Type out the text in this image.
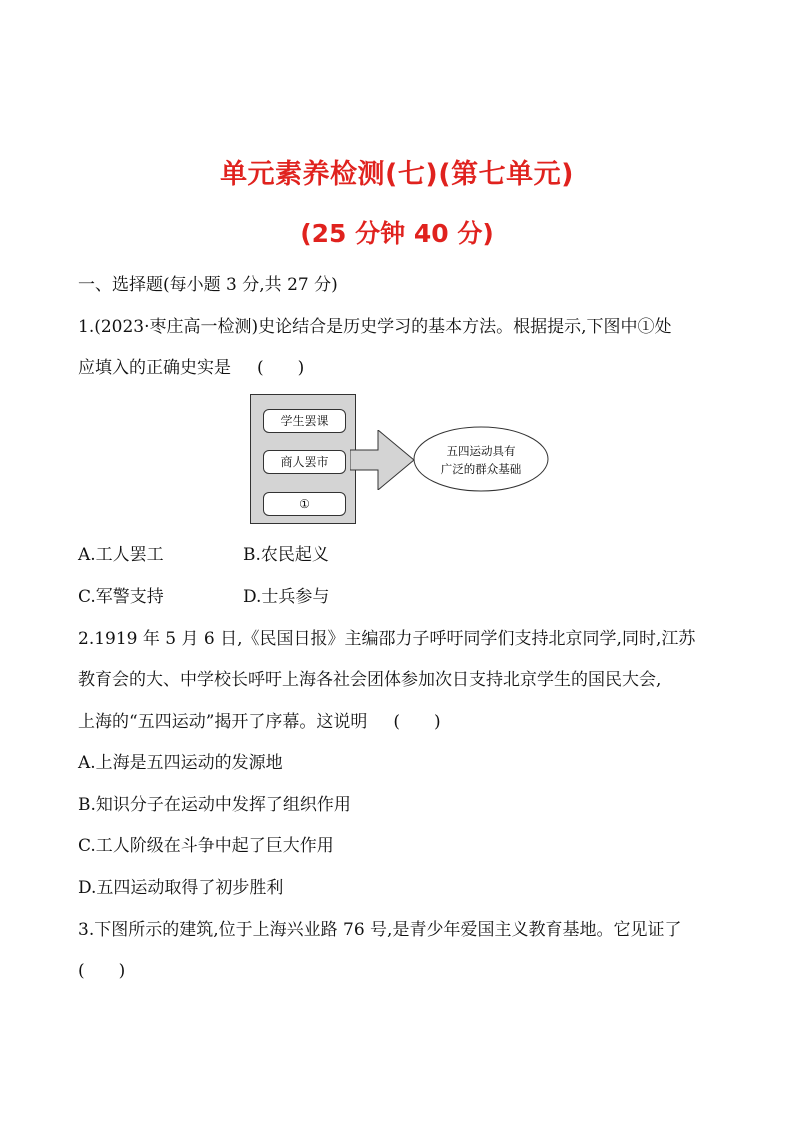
单元素养检测(七)(第七单元)
(25 分钟 40 分)
一、选择题(每小题 3 分,共 27 分)
1.(2023·枣庄高一检测)史论结合是历史学习的基本方法。根据提示,下图中①处
应填入的正确史实是 (　　)
学生罢课
商人罢市
①
五四运动具有
广泛的群众基础
A.工人罢工	B.农民起义
C.军警支持	D.士兵参与
2.1919 年 5 月 6 日,《民国日报》主编邵力子呼吁同学们支持北京同学,同时,江苏
教育会的大、中学校长呼吁上海各社会团体参加次日支持北京学生的国民大会,
上海的“五四运动”揭开了序幕。这说明 (　　)
A.上海是五四运动的发源地
B.知识分子在运动中发挥了组织作用
C.工人阶级在斗争中起了巨大作用
D.五四运动取得了初步胜利
3.下图所示的建筑,位于上海兴业路 76 号,是青少年爱国主义教育基地。它见证了
(　　)
